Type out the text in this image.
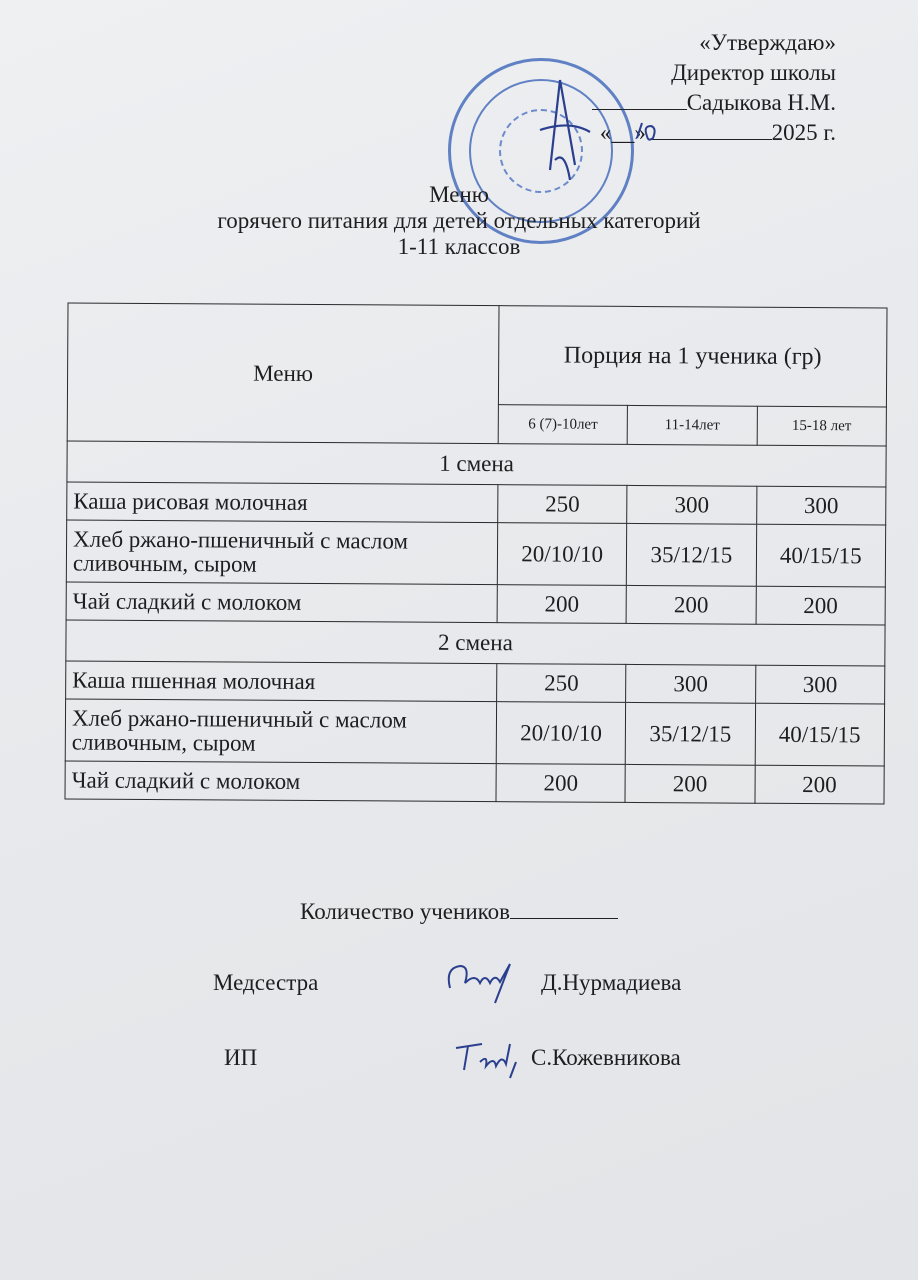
«Утверждаю»
Директор школы
Садыкова Н.М.
«__»	2025 г.
Меню
горячего питания для детей отдельных категорий
1-11 классов
Меню	Порция на 1 ученика (гр)		
	6 (7)-10лет	11-14лет	15-18 лет
1 смена			
Каша рисовая молочная	250	300	300
Хлеб ржано-пшеничный с маслом сливочным, сыром	20/10/10	35/12/15	40/15/15
Чай сладкий с молоком	200	200	200
2 смена			
Каша пшенная молочная	250	300	300
Хлеб ржано-пшеничный с маслом сливочным, сыром	20/10/10	35/12/15	40/15/15
Чай сладкий с молоком	200	200	200
Количество учеников
Медсестра	Д.Нурмадиева
ИП	С.Кожевникова
